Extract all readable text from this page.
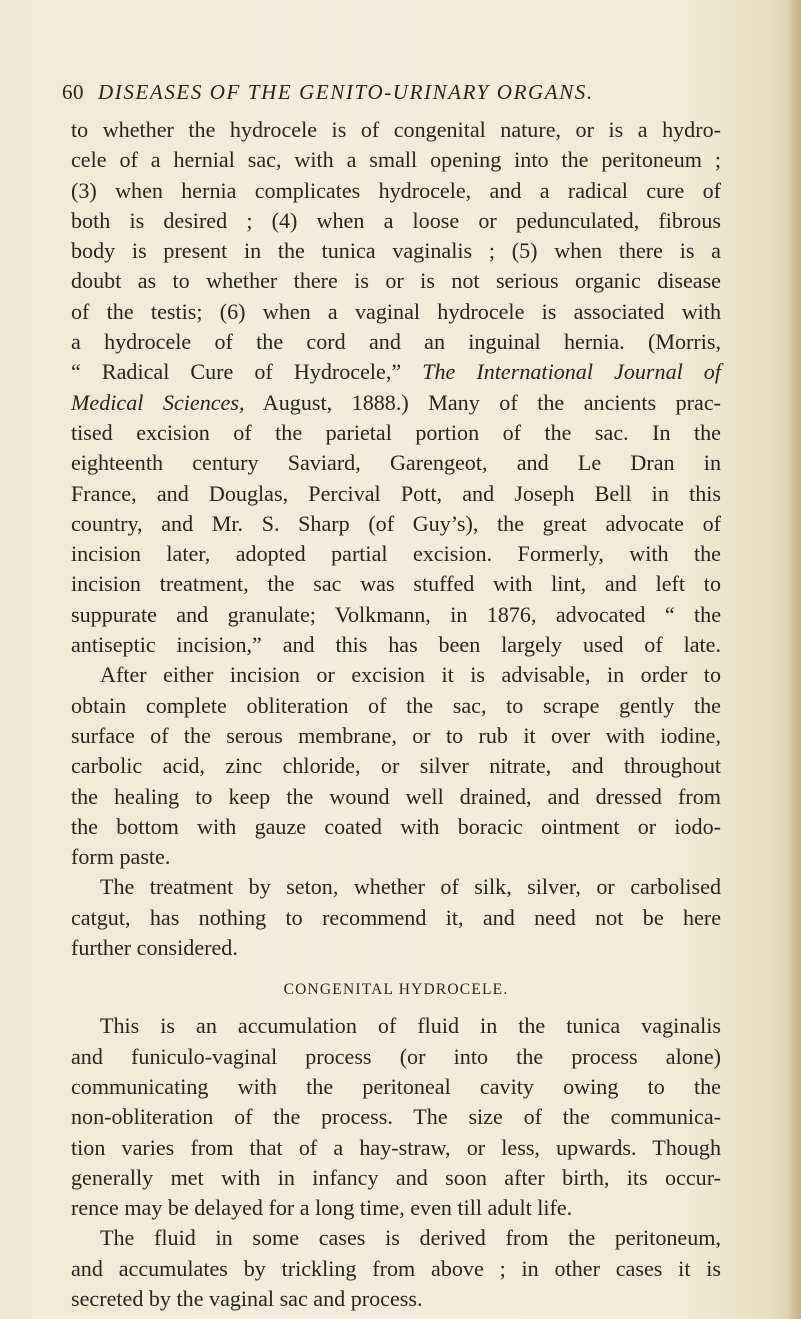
60 DISEASES OF THE GENITO-URINARY ORGANS.
to whether the hydrocele is of congenital nature, or is a hydro-
cele of a hernial sac, with a small opening into the peritoneum ;
(3) when hernia complicates hydrocele, and a radical cure of
both is desired ; (4) when a loose or pedunculated, fibrous
body is present in the tunica vaginalis ; (5) when there is a
doubt as to whether there is or is not serious organic disease
of the testis; (6) when a vaginal hydrocele is associated with
a hydrocele of the cord and an inguinal hernia. (Morris,
“ Radical Cure of Hydrocele,” The International Journal of
Medical Sciences, August, 1888.) Many of the ancients prac-
tised excision of the parietal portion of the sac. In the
eighteenth century Saviard, Garengeot, and Le Dran in
France, and Douglas, Percival Pott, and Joseph Bell in this
country, and Mr. S. Sharp (of Guy’s), the great advocate of
incision later, adopted partial excision. Formerly, with the
incision treatment, the sac was stuffed with lint, and left to
suppurate and granulate; Volkmann, in 1876, advocated “ the
antiseptic incision,” and this has been largely used of late.
After either incision or excision it is advisable, in order to
obtain complete obliteration of the sac, to scrape gently the
surface of the serous membrane, or to rub it over with iodine,
carbolic acid, zinc chloride, or silver nitrate, and throughout
the healing to keep the wound well drained, and dressed from
the bottom with gauze coated with boracic ointment or iodo-
form paste.
The treatment by seton, whether of silk, silver, or carbolised
catgut, has nothing to recommend it, and need not be here
further considered.
CONGENITAL HYDROCELE.
This is an accumulation of fluid in the tunica vaginalis
and funiculo-vaginal process (or into the process alone)
communicating with the peritoneal cavity owing to the
non-obliteration of the process. The size of the communica-
tion varies from that of a hay-straw, or less, upwards. Though
generally met with in infancy and soon after birth, its occur-
rence may be delayed for a long time, even till adult life.
The fluid in some cases is derived from the peritoneum,
and accumulates by trickling from above ; in other cases it is
secreted by the vaginal sac and process.
